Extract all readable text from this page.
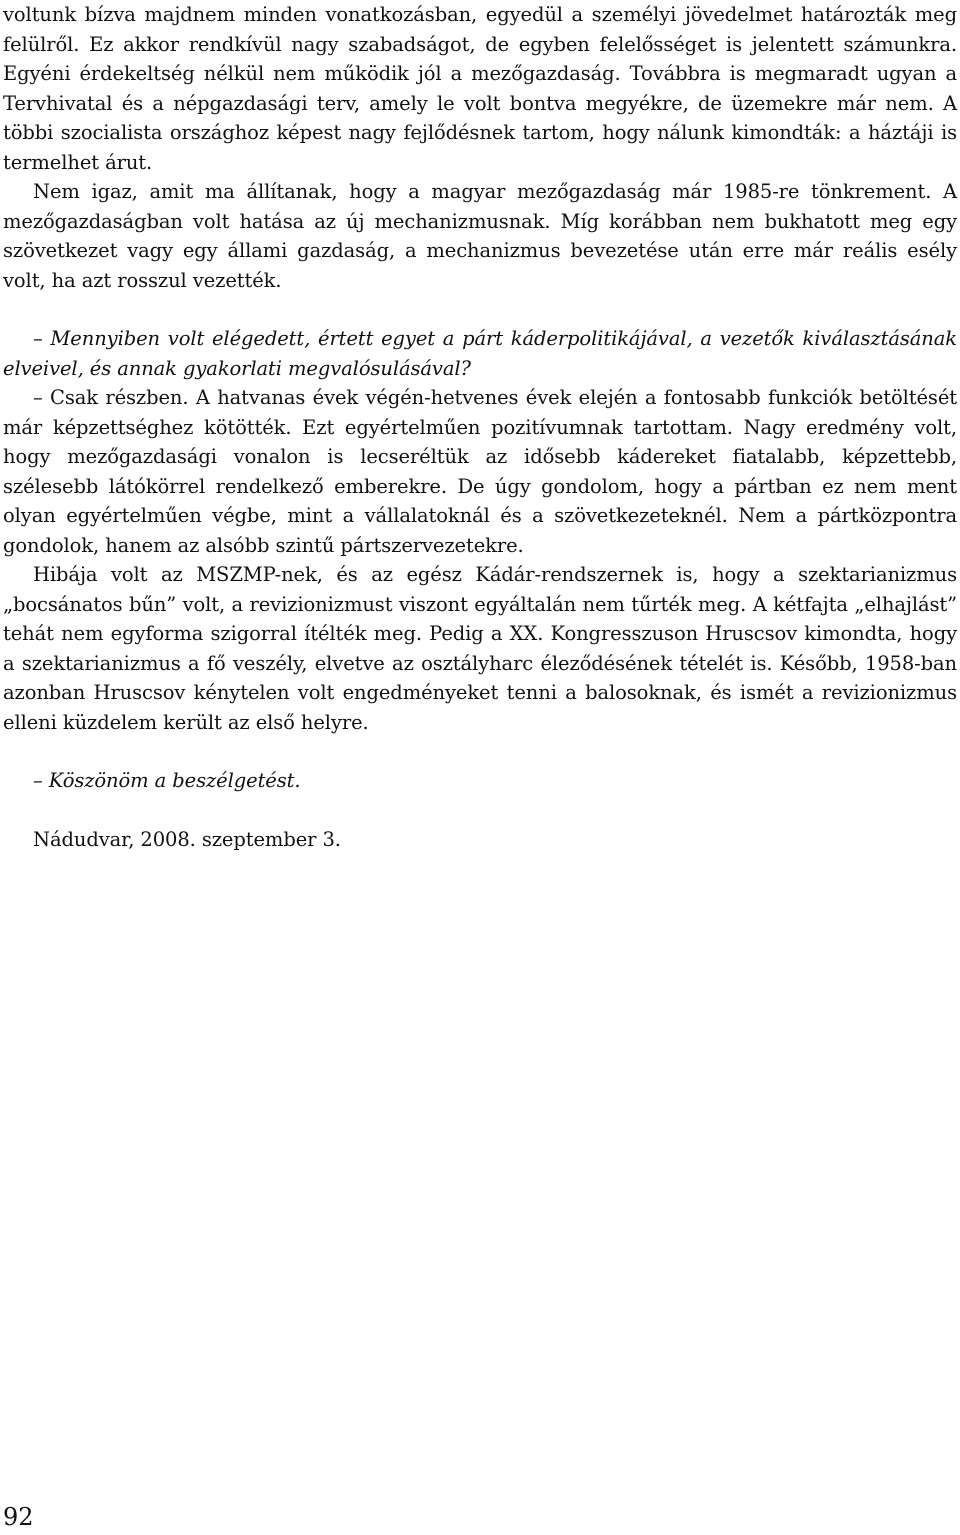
voltunk bízva majdnem minden vonatkozásban, egyedül a személyi jövedelmet határozták meg felülről. Ez akkor rendkívül nagy szabadságot, de egyben felelősséget is jelentett számunkra. Egyéni érdekeltség nélkül nem működik jól a mezőgazdaság. Továbbra is megmaradt ugyan a Tervhivatal és a népgazdasági terv, amely le volt bontva megyékre, de üzemekre már nem. A többi szocialista országhoz képest nagy fejlődésnek tartom, hogy nálunk kimondták: a háztáji is termelhet árut.

Nem igaz, amit ma állítanak, hogy a magyar mezőgazdaság már 1985-re tönkrement. A mezőgazdaságban volt hatása az új mechanizmusnak. Míg korábban nem bukhatott meg egy szövetkezet vagy egy állami gazdaság, a mechanizmus bevezetése után erre már reális esély volt, ha azt rosszul vezették.

– Mennyiben volt elégedett, értett egyet a párt káderpolitikájával, a vezetők kiválasztásának elveivel, és annak gyakorlati megvalósulásával?

– Csak részben. A hatvanas évek végén-hetvenes évek elején a fontosabb funkciók betöltését már képzettséghez kötötték. Ezt egyértelműen pozitívumnak tartottam. Nagy eredmény volt, hogy mezőgazdasági vonalon is lecseréltük az idősebb kádereket fiatalabb, képzettebb, szélesebb látókörrel rendelkező emberekre. De úgy gondolom, hogy a pártban ez nem ment olyan egyértelműen végbe, mint a vállalatoknál és a szövetkezeteknél. Nem a pártközpontra gondolok, hanem az alsóbb szintű pártszervezetekre.

Hibája volt az MSZMP-nek, és az egész Kádár-rendszernek is, hogy a szektarianizmus „bocsánatos bűn” volt, a revizionizmust viszont egyáltalán nem tűrték meg. A kétfajta „elhajlást” tehát nem egyforma szigorral ítélték meg. Pedig a XX. Kongresszuson Hruscsov kimondta, hogy a szektarianizmus a fő veszély, elvetve az osztályharc éleződésének tételét is. Később, 1958-ban azonban Hruscsov kénytelen volt engedményeket tenni a balosoknak, és ismét a revizionizmus elleni küzdelem került az első helyre.

– Köszönöm a beszélgetést.

Nádudvar, 2008. szeptember 3.

92
